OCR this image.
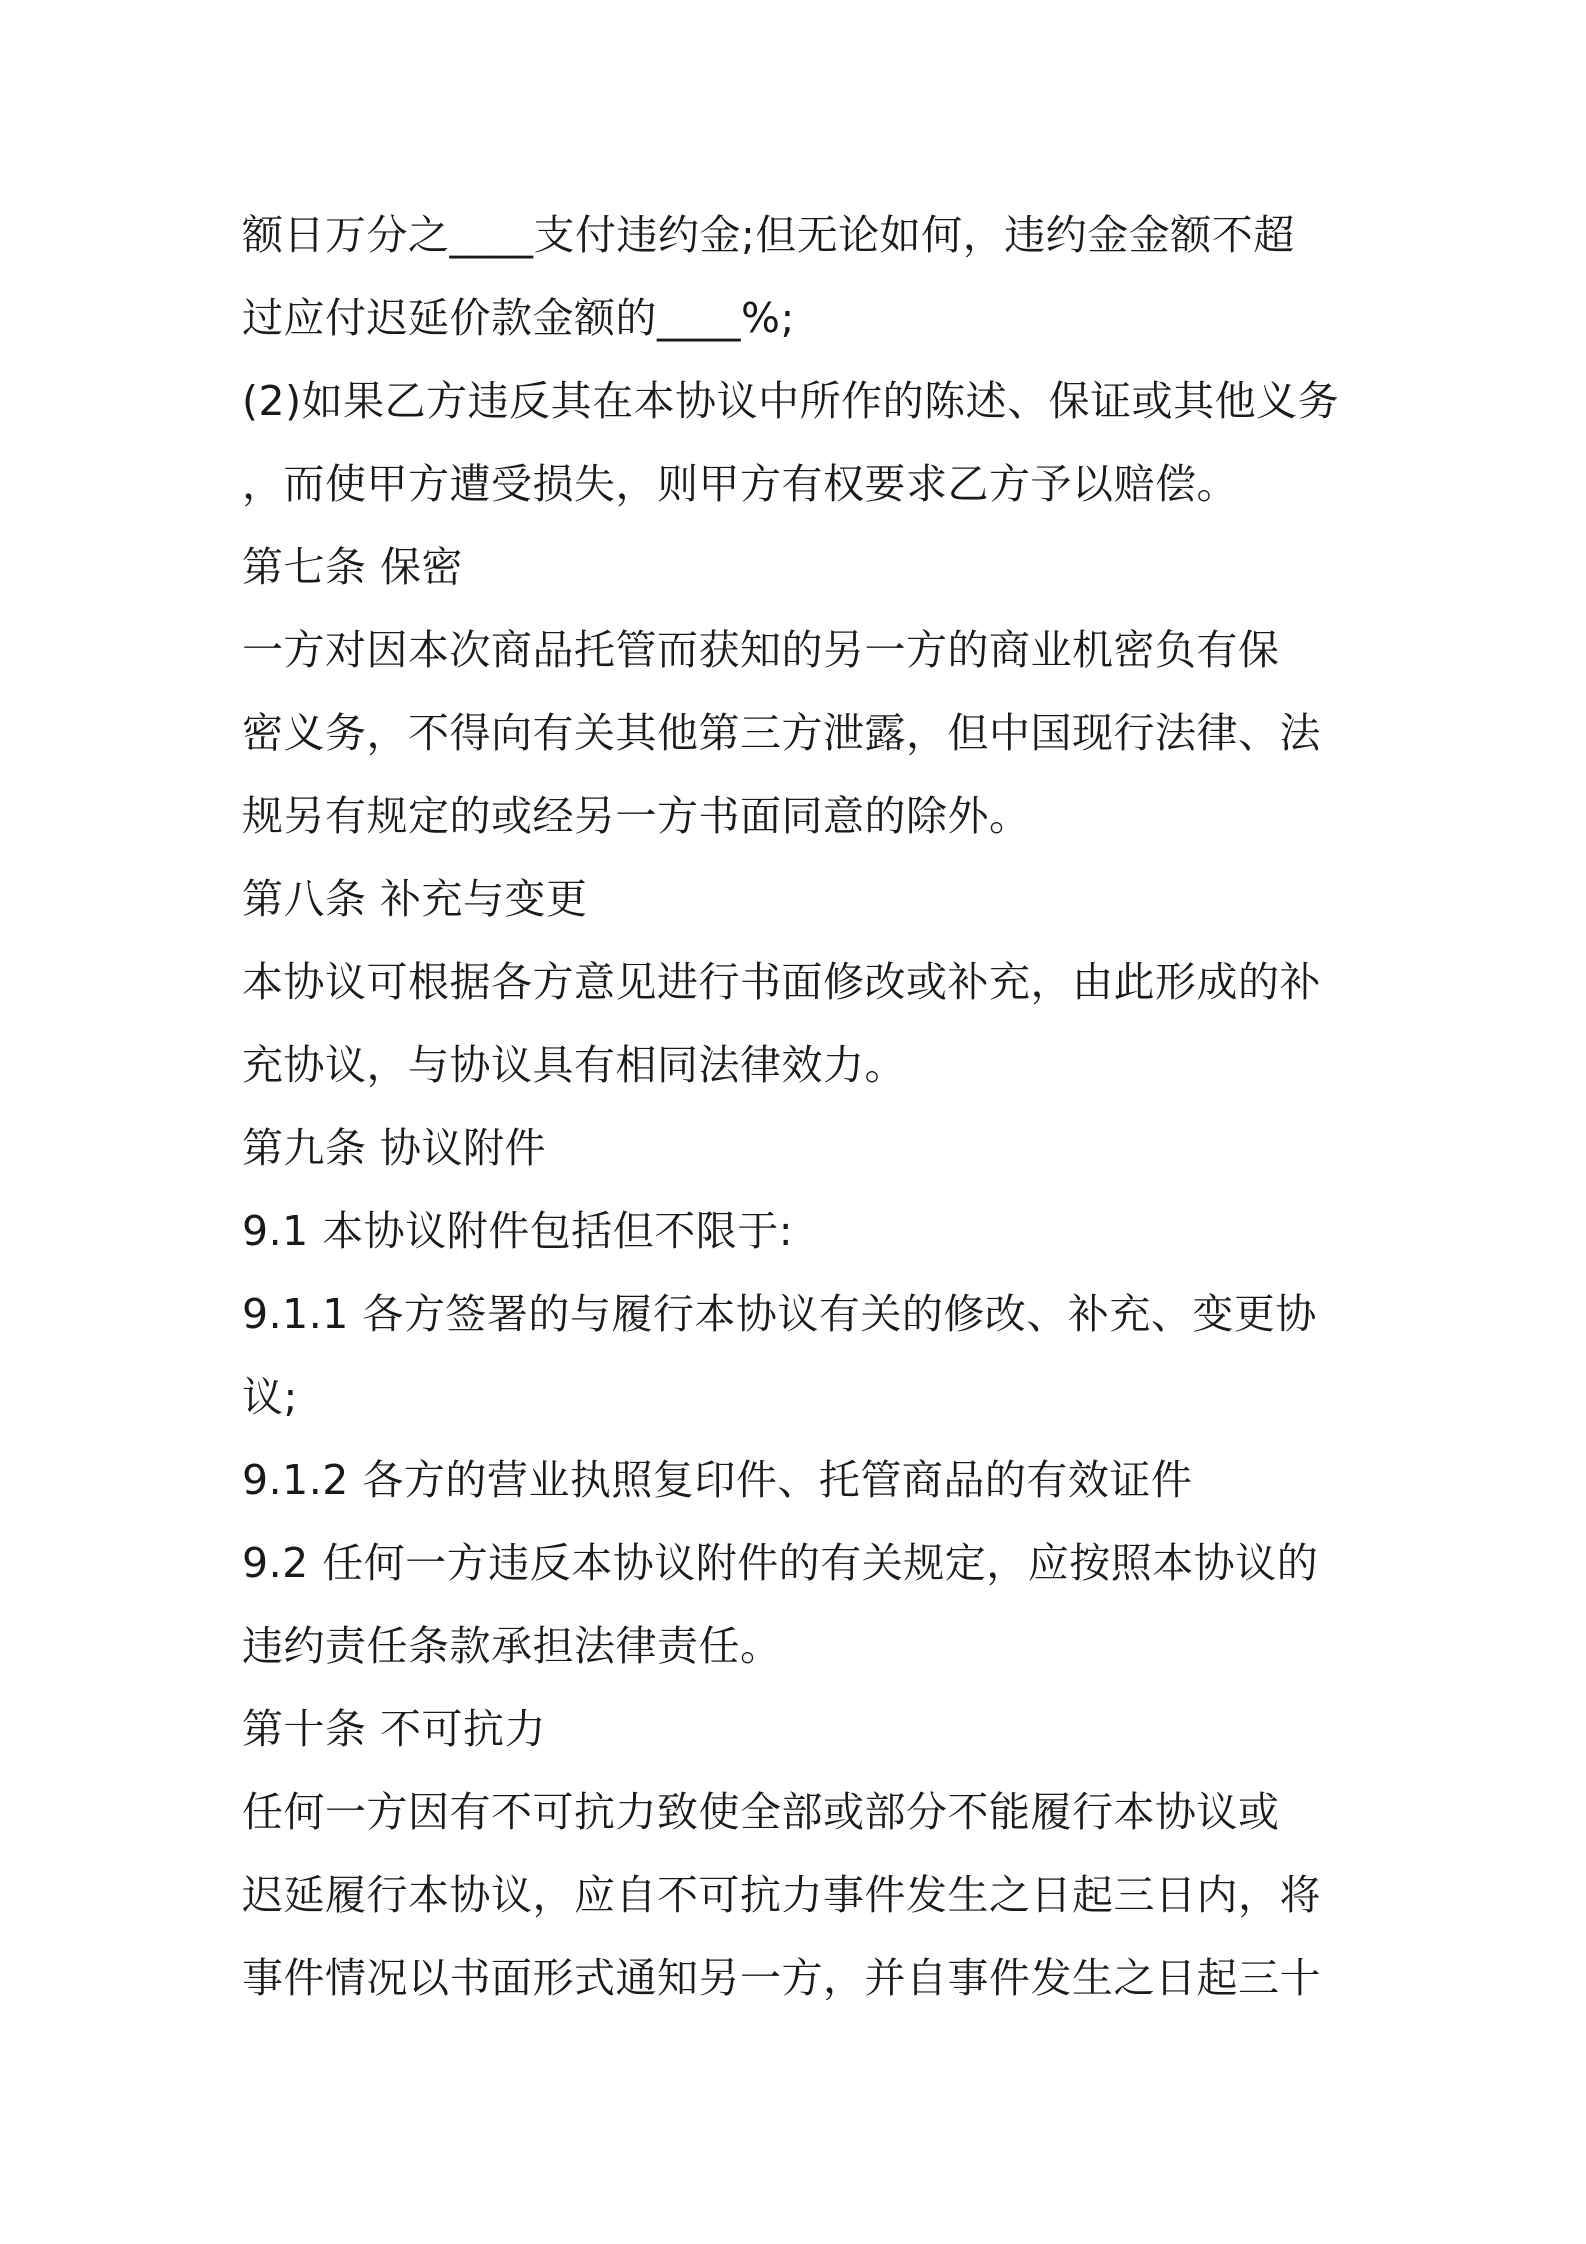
额日万分之____支付违约金;但无论如何，违约金金额不超
过应付迟延价款金额的____%;
(2)如果乙方违反其在本协议中所作的陈述、保证或其他义务
，而使甲方遭受损失，则甲方有权要求乙方予以赔偿。
第七条 保密
一方对因本次商品托管而获知的另一方的商业机密负有保
密义务，不得向有关其他第三方泄露，但中国现行法律、法
规另有规定的或经另一方书面同意的除外。
第八条 补充与变更
本协议可根据各方意见进行书面修改或补充，由此形成的补
充协议，与协议具有相同法律效力。
第九条 协议附件
9.1 本协议附件包括但不限于:
9.1.1 各方签署的与履行本协议有关的修改、补充、变更协
议;
9.1.2 各方的营业执照复印件、托管商品的有效证件
9.2 任何一方违反本协议附件的有关规定，应按照本协议的
违约责任条款承担法律责任。
第十条 不可抗力
任何一方因有不可抗力致使全部或部分不能履行本协议或
迟延履行本协议，应自不可抗力事件发生之日起三日内，将
事件情况以书面形式通知另一方，并自事件发生之日起三十
